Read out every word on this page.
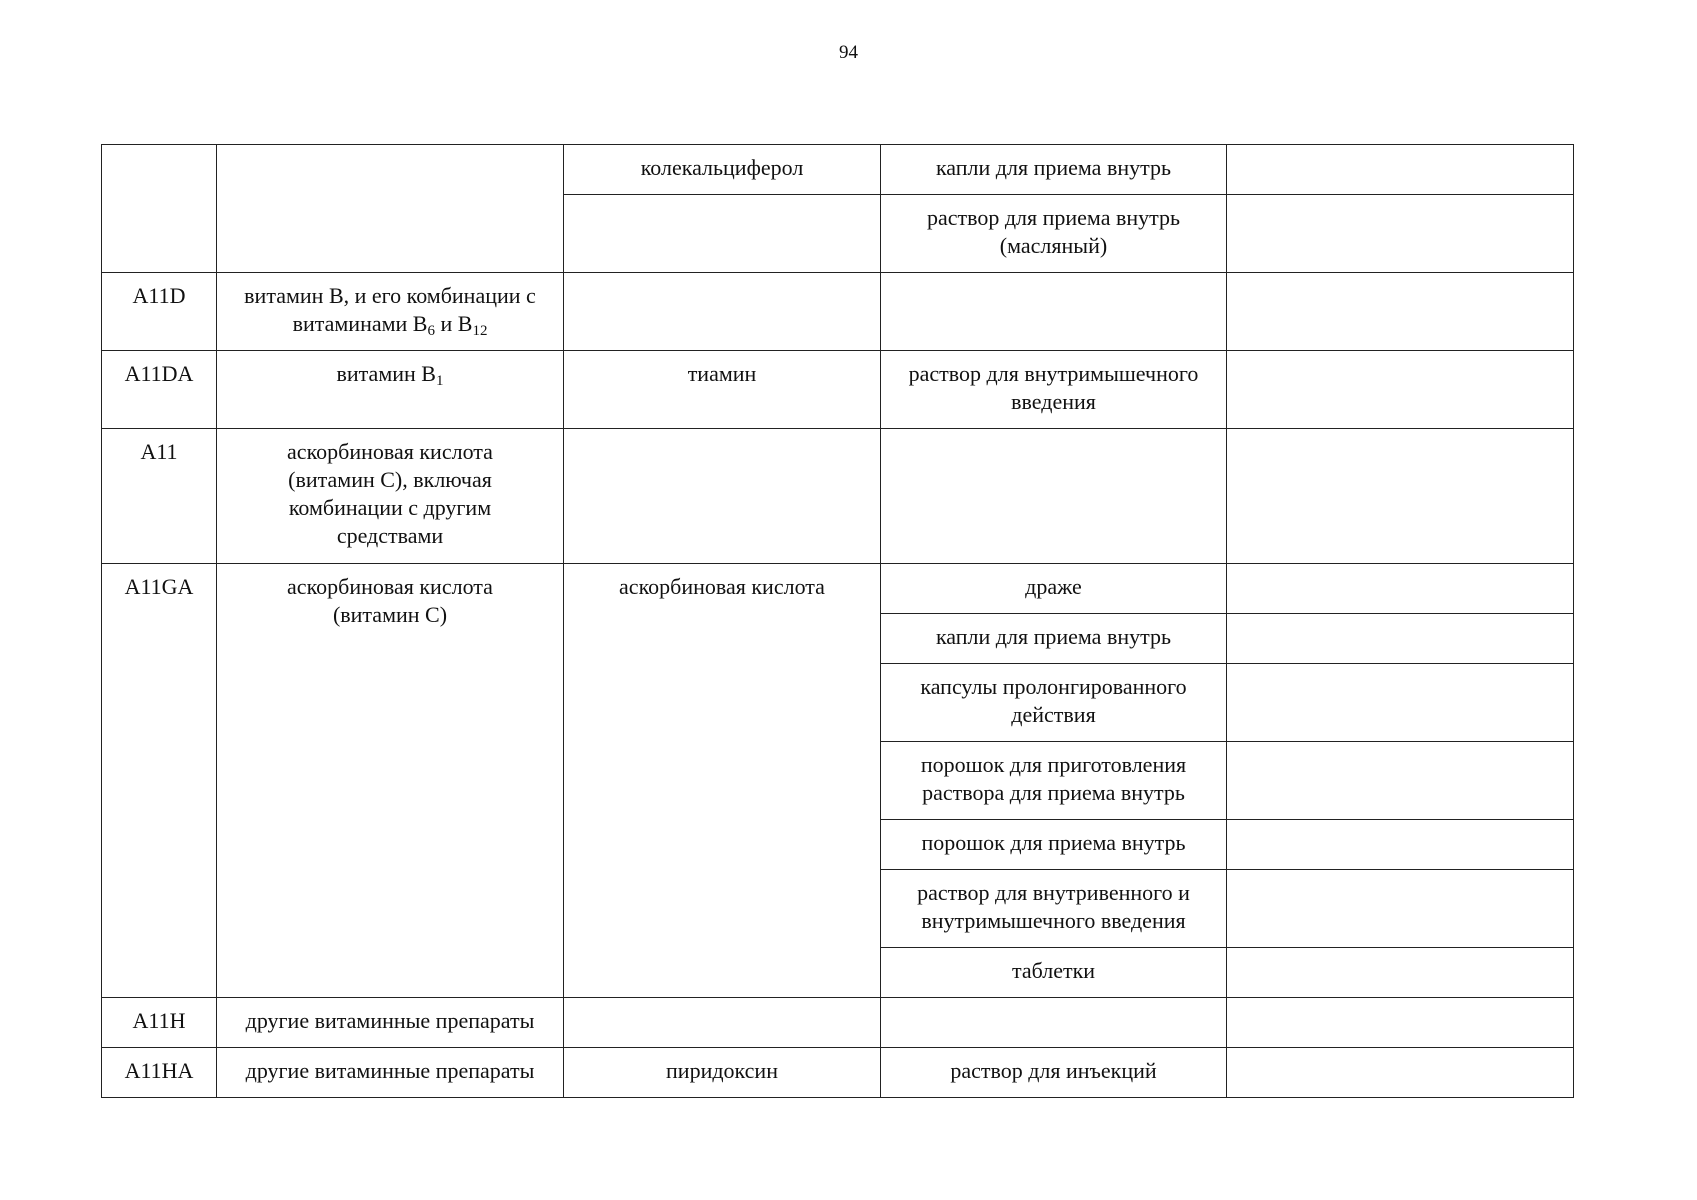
94
		колекальциферол	капли для приема внутрь	
			раствор для приема внутрь (масляный)	
A11D	витамин В, и его комбинации с витаминами $В_6$ и $В_{12}$			
A11DA	витамин $В_1$	тиамин	раствор для внутримышечного введения	
A11	аскорбиновая кислота (витамин С), включая комбинации с другим средствами			
A11GA	аскорбиновая кислота (витамин С)	аскорбиновая кислота	драже	
			капли для приема внутрь	
			капсулы пролонгированного действия	
			порошок для приготовления раствора для приема внутрь	
			порошок для приема внутрь	
			раствор для внутривенного и внутримышечного введения	
			таблетки	
A11H	другие витаминные препараты			
A11HA	другие витаминные препараты	пиридоксин	раствор для инъекций	
